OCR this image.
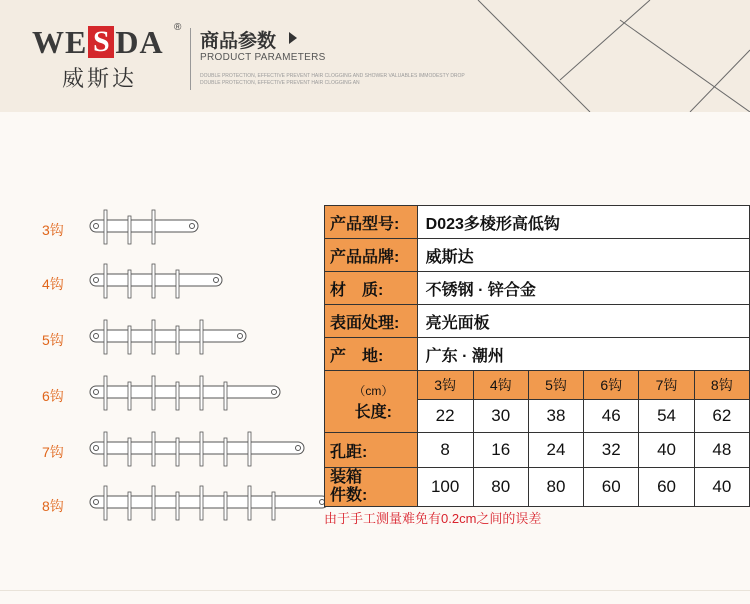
WE S DA ®
威斯达
商品参数
PRODUCT PARAMETERS
DOUBLE PROTECTION, EFFECTIVE PREVENT HAIR CLOGGING AND SHOWER VALUABLES IMMODESTY DROP
DOUBLE PROTECTION, EFFECTIVE PREVENT HAIR CLOGGING AN
3钩
4钩
5钩
6钩
7钩
8钩
产品型号:	D023多棱形高低钩					
产品品牌:	威斯达					
材　质:	不锈钢 · 锌合金					
表面处理:	亮光面板					
产　地:	广东 · 潮州					

（cm）
长度:	3钩	4钩	5钩	6钩	7钩	8钩
	22	30	38	46	54	62
孔距:	8	16	24	32	40	48

装箱
件数:	100	80	80	60	60	40
由于手工测量难免有0.2cm之间的误差
